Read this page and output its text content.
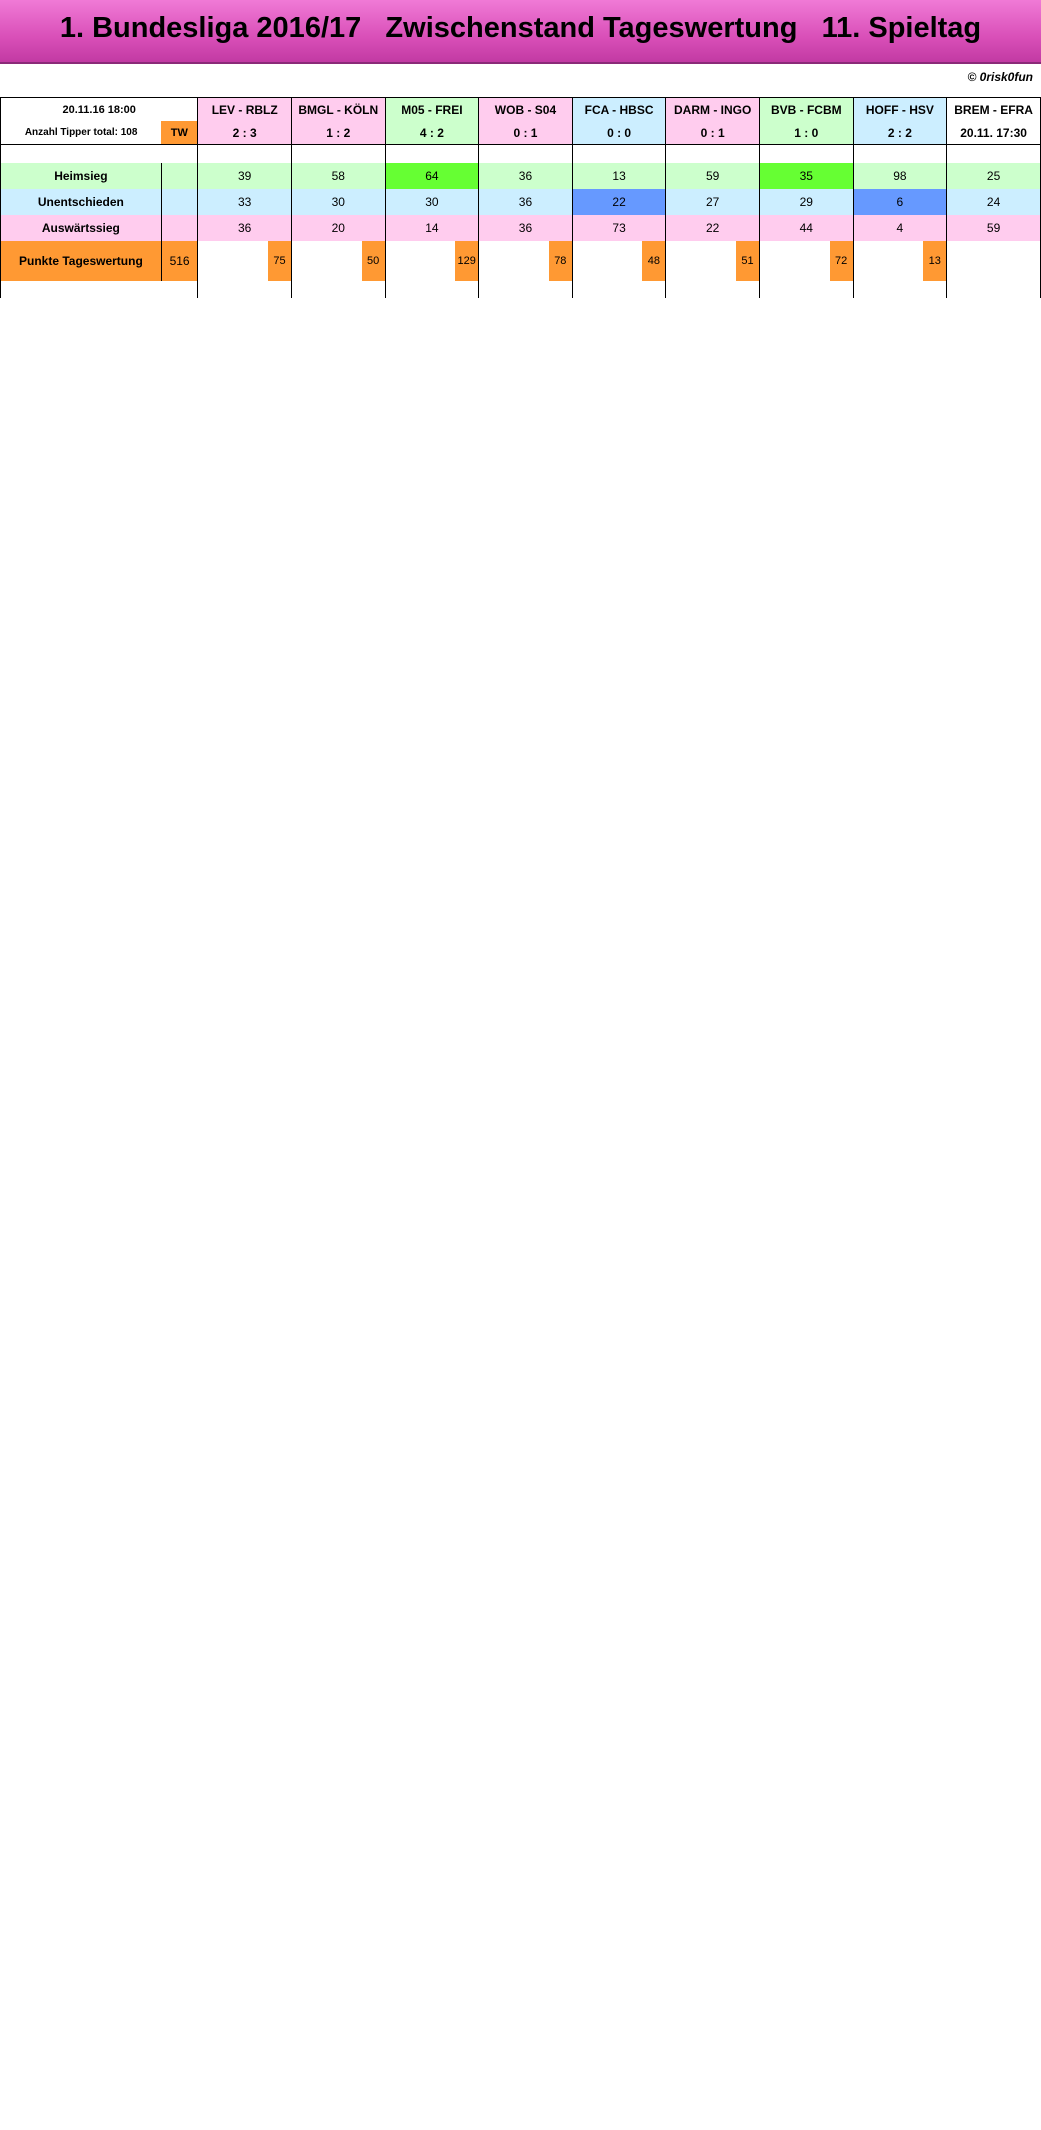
1. Bundesliga 2016/17   Zwischenstand Tageswertung   11. Spieltag
© 0risk0fun
20.11.16 18:00		LEV - RBLZ		BMGL - KÖLN		M05 - FREI		WOB - S04		FCA - HBSC		DARM - INGO		BVB - FCBM		HOFF - HSV		BREM - EFRA
Anzahl Tipper total: 108	TW	2 : 3		1 : 2		4 : 2		0 : 1		0 : 0		0 : 1		1 : 0		2 : 2		20.11. 17:30

Heimsieg		39		58		64		36		13		59		35		98		25
Unentschieden		33		30		30		36		22		27		29		6		24
Auswärtssieg		36		20		14		36		73		22		44		4		59
Punkte Tageswertung	516		75		50		129		78		48		51		72		13	
